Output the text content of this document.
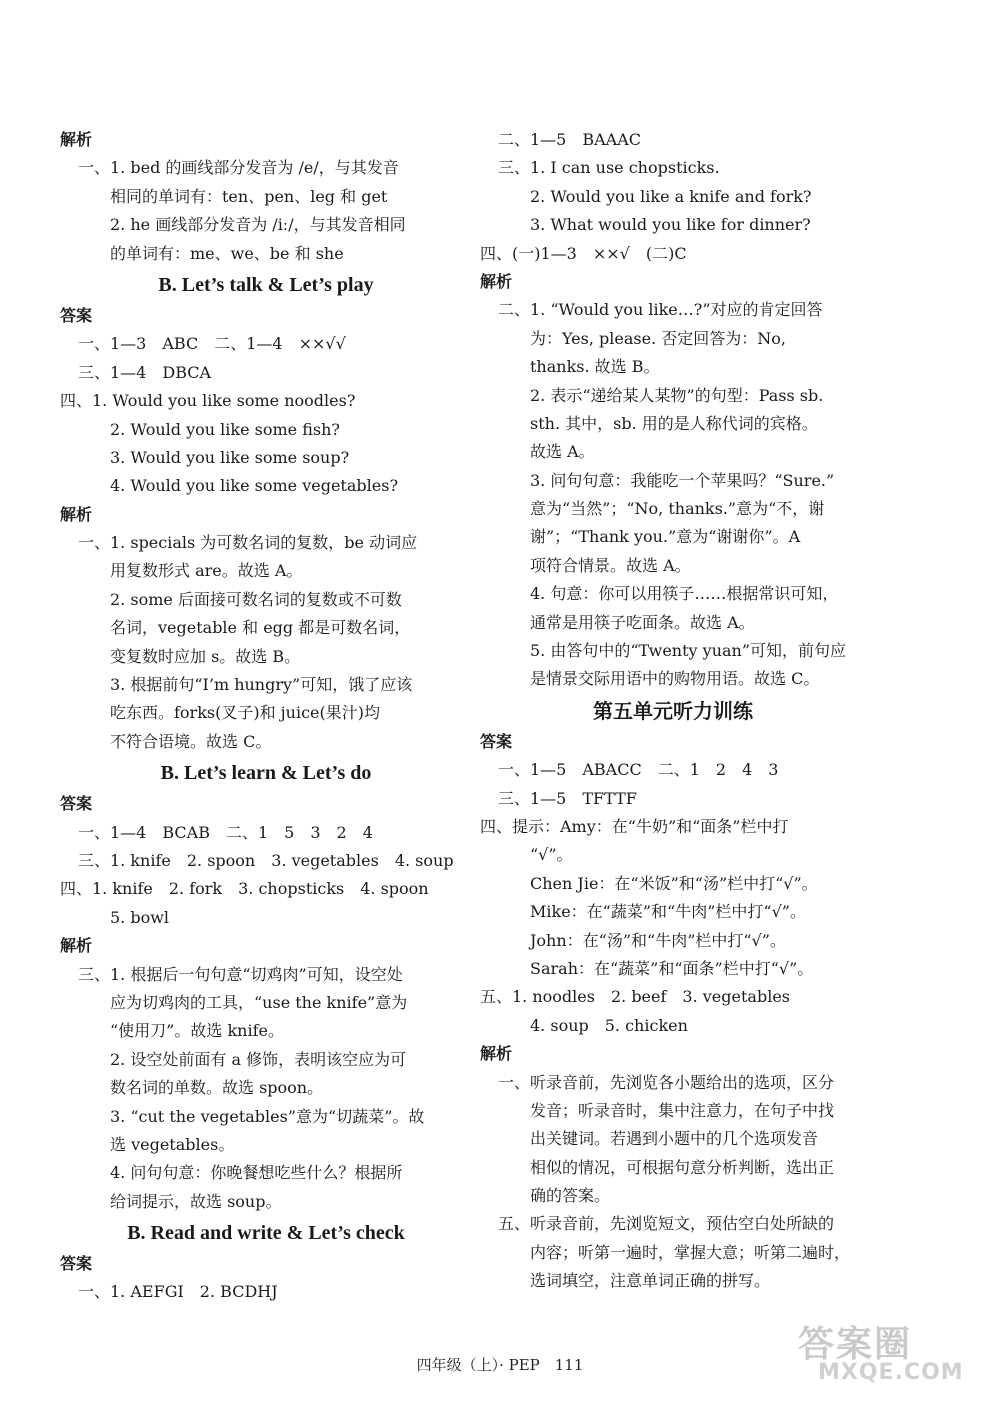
解析
一、1. bed 的画线部分发音为 /e/，与其发音
相同的单词有：ten、pen、leg 和 get
2. he 画线部分发音为 /iː/，与其发音相同
的单词有：me、we、be 和 she
B. Let’s talk & Let’s play
答案
一、1—3　ABC　二、1—4　××√√
三、1—4　DBCA
四、1. Would you like some noodles?
2. Would you like some fish?
3. Would you like some soup?
4. Would you like some vegetables?
解析
一、1. specials 为可数名词的复数，be 动词应
用复数形式 are。故选 A。
2. some 后面接可数名词的复数或不可数
名词，vegetable 和 egg 都是可数名词，
变复数时应加 s。故选 B。
3. 根据前句“I’m hungry”可知，饿了应该
吃东西。forks(叉子)和 juice(果汁)均
不符合语境。故选 C。
B. Let’s learn & Let’s do
答案
一、1—4　BCAB　二、1　5　3　2　4
三、1. knife　2. spoon　3. vegetables　4. soup
四、1. knife　2. fork　3. chopsticks　4. spoon
5. bowl
解析
三、1. 根据后一句句意“切鸡肉”可知，设空处
应为切鸡肉的工具，“use the knife”意为
“使用刀”。故选 knife。
2. 设空处前面有 a 修饰，表明该空应为可
数名词的单数。故选 spoon。
3. “cut the vegetables”意为“切蔬菜”。故
选 vegetables。
4. 问句句意：你晚餐想吃些什么？根据所
给词提示，故选 soup。
B. Read and write & Let’s check
答案
一、1. AEFGI　2. BCDHJ
二、1—5　BAAAC
三、1. I can use chopsticks.
2. Would you like a knife and fork?
3. What would you like for dinner?
四、(一)1—3　××√　(二)C
解析
二、1. “Would you like…?”对应的肯定回答
为：Yes, please. 否定回答为：No,
thanks. 故选 B。
2. 表示“递给某人某物”的句型：Pass sb.
sth. 其中，sb. 用的是人称代词的宾格。
故选 A。
3. 问句句意：我能吃一个苹果吗？“Sure.”
意为“当然”；“No, thanks.”意为“不，谢
谢”；“Thank you.”意为“谢谢你”。A
项符合情景。故选 A。
4. 句意：你可以用筷子……根据常识可知，
通常是用筷子吃面条。故选 A。
5. 由答句中的“Twenty yuan”可知，前句应
是情景交际用语中的购物用语。故选 C。
第五单元听力训练
答案
一、1—5　ABACC　二、1　2　4　3
三、1—5　TFTTF
四、提示：Amy：在“牛奶”和“面条”栏中打
“√”。
Chen Jie：在“米饭”和“汤”栏中打“√”。
Mike：在“蔬菜”和“牛肉”栏中打“√”。
John：在“汤”和“牛肉”栏中打“√”。
Sarah：在“蔬菜”和“面条”栏中打“√”。
五、1. noodles　2. beef　3. vegetables
4. soup　5. chicken
解析
一、听录音前，先浏览各小题给出的选项，区分
发音；听录音时，集中注意力，在句子中找
出关键词。若遇到小题中的几个选项发音
相似的情况，可根据句意分析判断，选出正
确的答案。
五、听录音前，先浏览短文，预估空白处所缺的
内容；听第一遍时，掌握大意；听第二遍时，
选词填空，注意单词正确的拼写。
四年级（上）· PEP　111	答案圈
MXQE.COM
